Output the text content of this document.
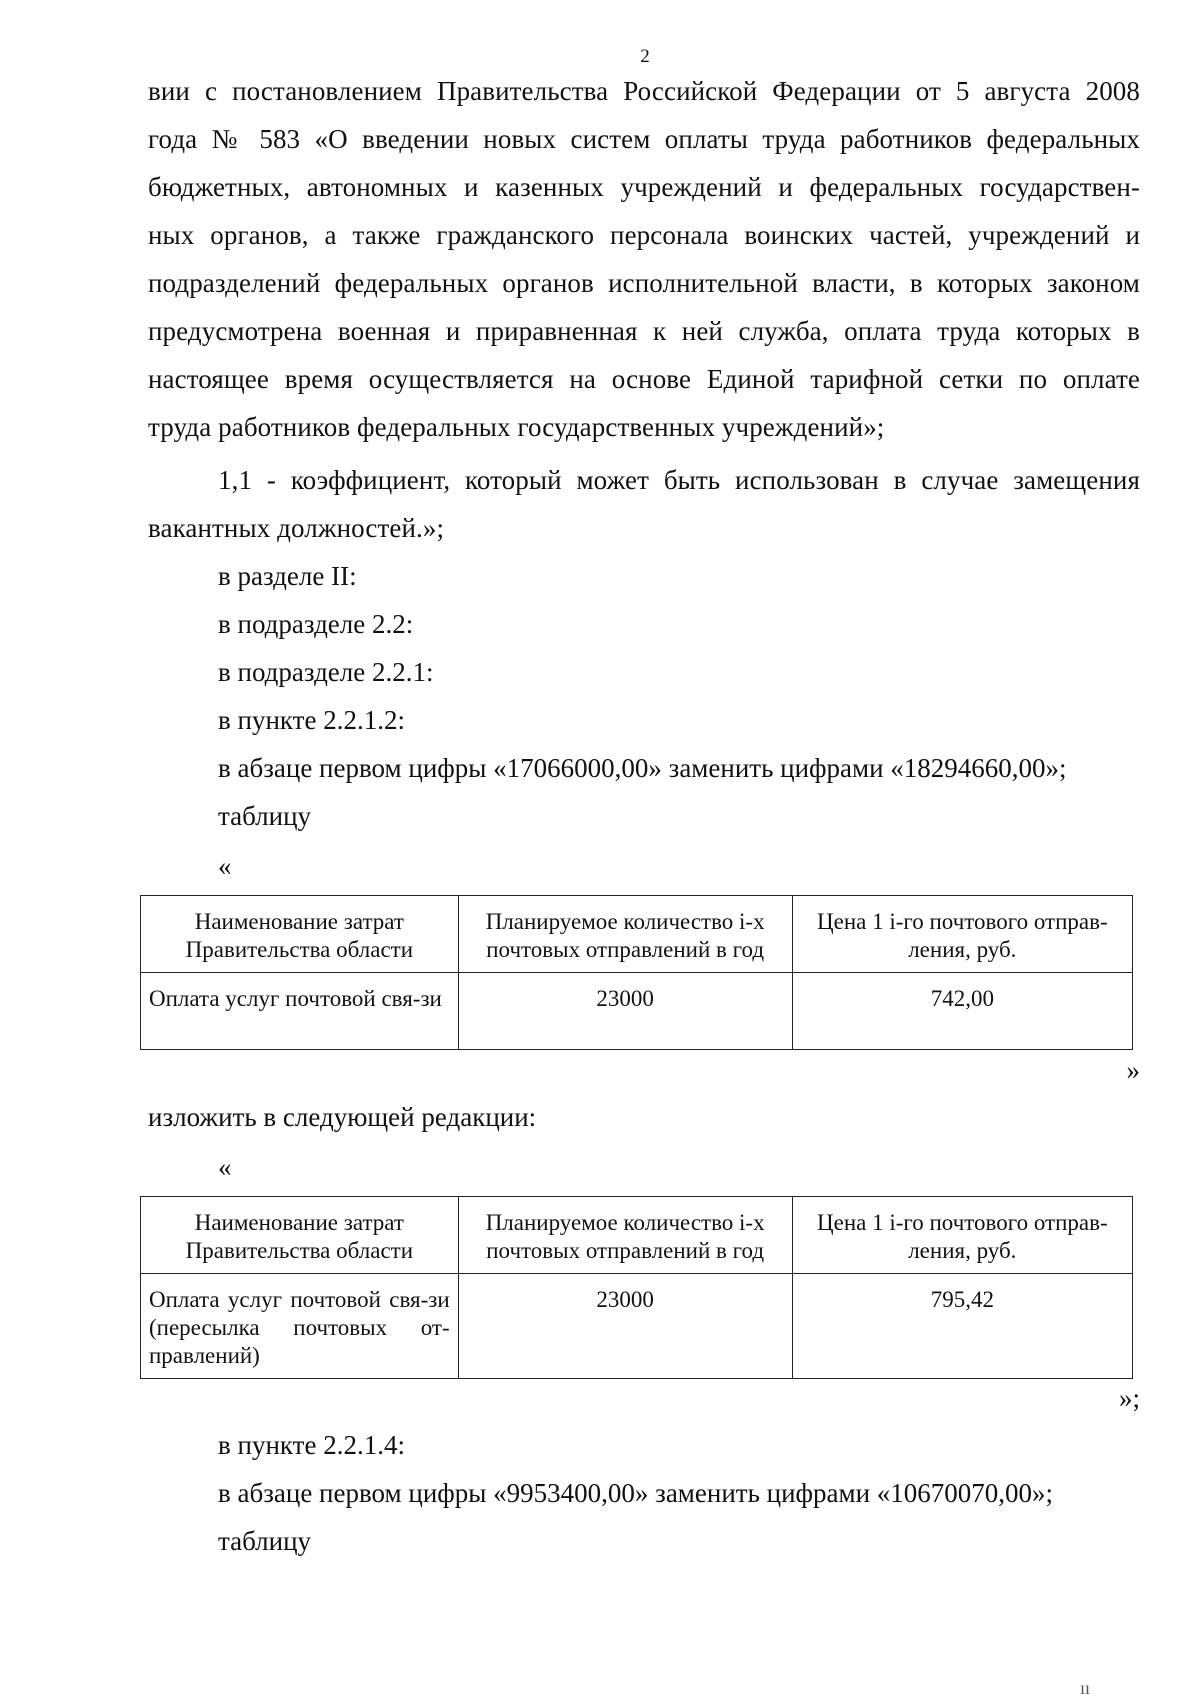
2

вии с постановлением Правительства Российской Федерации от 5 августа 2008
года № 583 «О введении новых систем оплаты труда работников федеральных
бюджетных, автономных и казенных учреждений и федеральных государствен-
ных органов, а также гражданского персонала воинских частей, учреждений и
подразделений федеральных органов исполнительной власти, в которых законом
предусмотрена военная и приравненная к ней служба, оплата труда которых в
настоящее время осуществляется на основе Единой тарифной сетки по оплате
труда работников федеральных государственных учреждений»;

1,1 - коэффициент, который может быть использован в случае замещения
вакантных должностей.»;

в разделе II:
в подразделе 2.2:
в подразделе 2.2.1:
в пункте 2.2.1.2:
в абзаце первом цифры «17066000,00» заменить цифрами «18294660,00»;
таблицу
«
Наименование затрат Правительства области	Планируемое количество i-х почтовых отправлений в год	Цена 1 i-го почтового отправ-ления, руб.
Оплата услуг почтовой свя-зи	23000	742,00
»
изложить в следующей редакции:
«
Наименование затрат Правительства области	Планируемое количество i-х почтовых отправлений в год	Цена 1 i-го почтового отправ-ления, руб.
Оплата услуг почтовой свя-зи (пересылка почтовых от-правлений)	23000	795,42
»;
в пункте 2.2.1.4:
в абзаце первом цифры «9953400,00» заменить цифрами «10670070,00»;
таблицу
ıı
